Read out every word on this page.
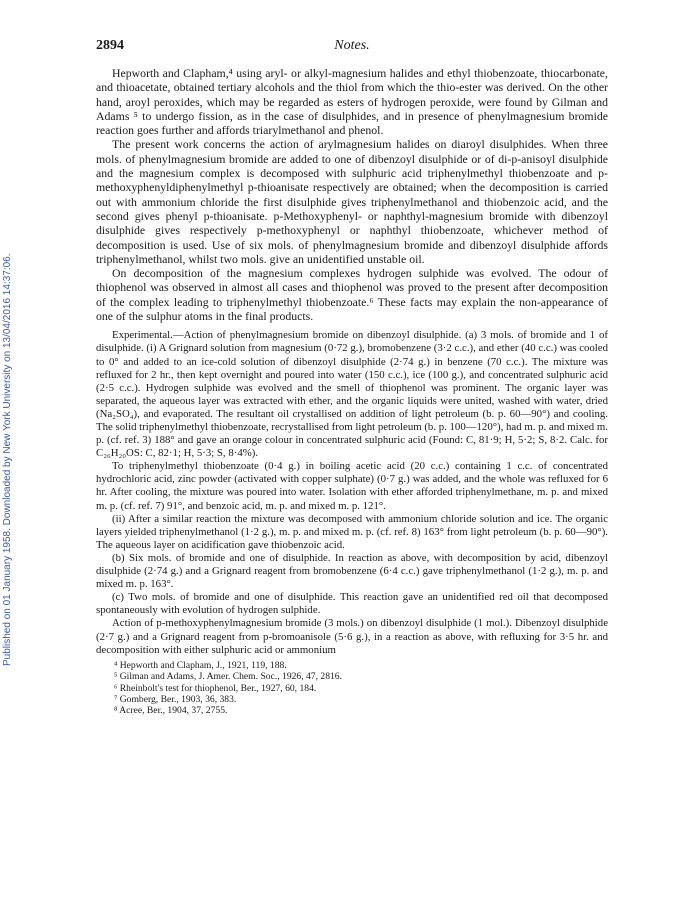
Published on 01 January 1958. Downloaded by New York University on 13/04/2016 14:37:06.
2894	Notes.

Hepworth and Clapham,⁴ using aryl- or alkyl-magnesium halides and ethyl thiobenzoate, thiocarbonate, and thioacetate, obtained tertiary alcohols and the thiol from which the thio-ester was derived. On the other hand, aroyl peroxides, which may be regarded as esters of hydrogen peroxide, were found by Gilman and Adams ⁵ to undergo fission, as in the case of disulphides, and in presence of phenylmagnesium bromide reaction goes further and affords triarylmethanol and phenol.

The present work concerns the action of arylmagnesium halides on diaroyl disulphides. When three mols. of phenylmagnesium bromide are added to one of dibenzoyl disulphide or of di-p-anisoyl disulphide and the magnesium complex is decomposed with sulphuric acid triphenylmethyl thiobenzoate and p-methoxyphenyldiphenylmethyl p-thioanisate respectively are obtained; when the decomposition is carried out with ammonium chloride the first disulphide gives triphenylmethanol and thiobenzoic acid, and the second gives phenyl p-thioanisate. p-Methoxyphenyl- or naphthyl-magnesium bromide with dibenzoyl disulphide gives respectively p-methoxyphenyl or naphthyl thiobenzoate, whichever method of decomposition is used. Use of six mols. of phenylmagnesium bromide and dibenzoyl disulphide affords triphenylmethanol, whilst two mols. give an unidentified unstable oil.

On decomposition of the magnesium complexes hydrogen sulphide was evolved. The odour of thiophenol was observed in almost all cases and thiophenol was proved to the present after decomposition of the complex leading to triphenylmethyl thiobenzoate.⁶ These facts may explain the non-appearance of one of the sulphur atoms in the final products.

Experimental.—Action of phenylmagnesium bromide on dibenzoyl disulphide. (a) 3 mols. of bromide and 1 of disulphide. (i) A Grignard solution from magnesium (0·72 g.), bromobenzene (3·2 c.c.), and ether (40 c.c.) was cooled to 0° and added to an ice-cold solution of dibenzoyl disulphide (2·74 g.) in benzene (70 c.c.). The mixture was refluxed for 2 hr., then kept overnight and poured into water (150 c.c.), ice (100 g.), and concentrated sulphuric acid (2·5 c.c.). Hydrogen sulphide was evolved and the smell of thiophenol was prominent. The organic layer was separated, the aqueous layer was extracted with ether, and the organic liquids were united, washed with water, dried (Na₂SO₄), and evaporated. The resultant oil crystallised on addition of light petroleum (b. p. 60—90°) and cooling. The solid triphenylmethyl thiobenzoate, recrystallised from light petroleum (b. p. 100—120°), had m. p. and mixed m. p. (cf. ref. 3) 188° and gave an orange colour in concentrated sulphuric acid (Found: C, 81·9; H, 5·2; S, 8·2. Calc. for C₂₆H₂₀OS: C, 82·1; H, 5·3; S, 8·4%).

To triphenylmethyl thiobenzoate (0·4 g.) in boiling acetic acid (20 c.c.) containing 1 c.c. of concentrated hydrochloric acid, zinc powder (activated with copper sulphate) (0·7 g.) was added, and the whole was refluxed for 6 hr. After cooling, the mixture was poured into water. Isolation with ether afforded triphenylmethane, m. p. and mixed m. p. (cf. ref. 7) 91°, and benzoic acid, m. p. and mixed m. p. 121°.

(ii) After a similar reaction the mixture was decomposed with ammonium chloride solution and ice. The organic layers yielded triphenylmethanol (1·2 g.), m. p. and mixed m. p. (cf. ref. 8) 163° from light petroleum (b. p. 60—90°). The aqueous layer on acidification gave thiobenzoic acid.

(b) Six mols. of bromide and one of disulphide. In reaction as above, with decomposition by acid, dibenzoyl disulphide (2·74 g.) and a Grignard reagent from bromobenzene (6·4 c.c.) gave triphenylmethanol (1·2 g.), m. p. and mixed m. p. 163°.

(c) Two mols. of bromide and one of disulphide. This reaction gave an unidentified red oil that decomposed spontaneously with evolution of hydrogen sulphide.

Action of p-methoxyphenylmagnesium bromide (3 mols.) on dibenzoyl disulphide (1 mol.). Dibenzoyl disulphide (2·7 g.) and a Grignard reagent from p-bromoanisole (5·6 g.), in a reaction as above, with refluxing for 3·5 hr. and decomposition with either sulphuric acid or ammonium

⁴ Hepworth and Clapham, J., 1921, 119, 188.
⁵ Gilman and Adams, J. Amer. Chem. Soc., 1926, 47, 2816.
⁶ Rheinbolt's test for thiophenol, Ber., 1927, 60, 184.
⁷ Gomberg, Ber., 1903, 36, 383.
⁸ Acree, Ber., 1904, 37, 2755.
